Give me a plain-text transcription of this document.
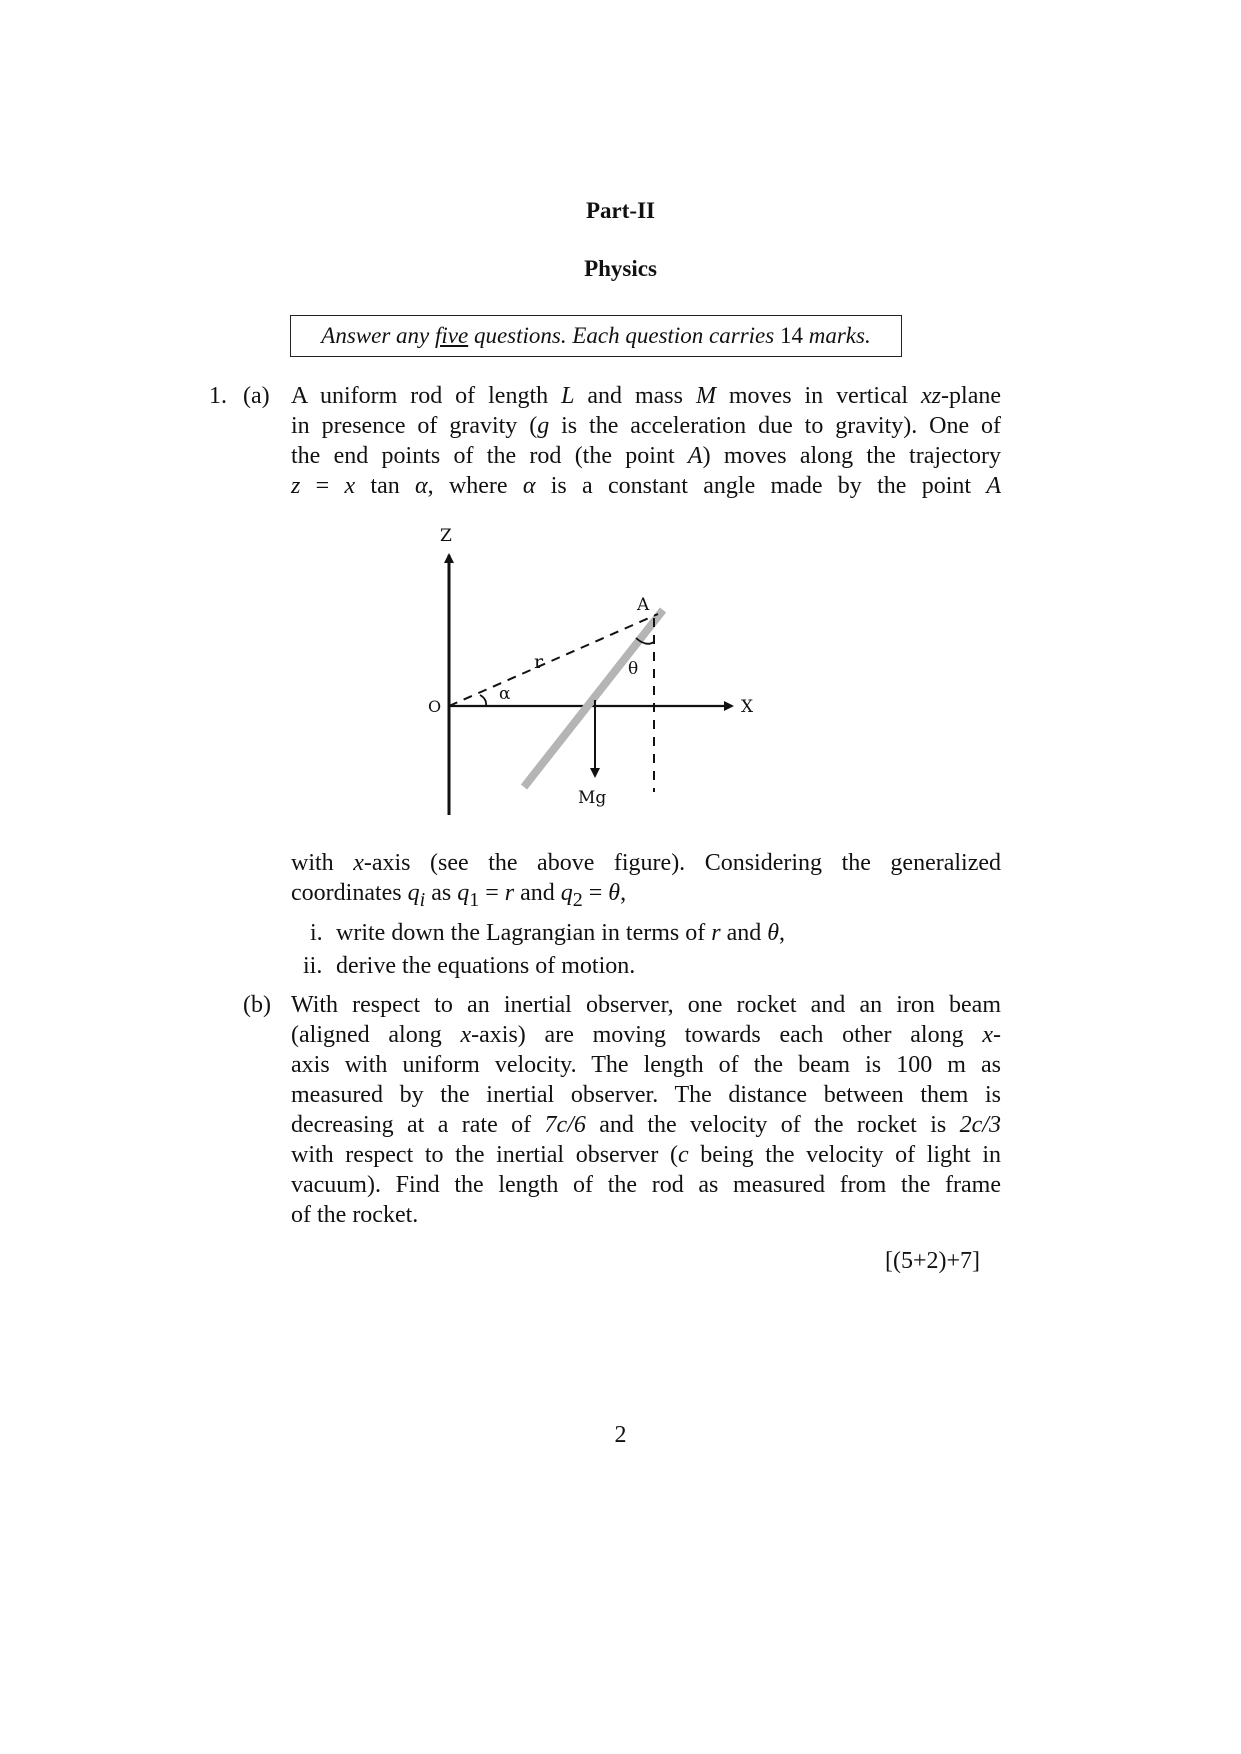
Part-II
Physics
Answer any five questions. Each question carries 14 marks.
1. (a) A uniform rod of length L and mass M moves in vertical xz-plane
in presence of gravity (g is the acceleration due to gravity). One of
the end points of the rod (the point A) moves along the trajectory
z = x tan α, where α is a constant angle made by the point A
Z
X
O
A
r
α
θ
Mg
with x-axis (see the above figure). Considering the generalized
coordinates $q_i$ as $q_1 = r$ and $q_2 = \theta$,
i. write down the Lagrangian in terms of r and θ,
ii. derive the equations of motion.
(b) With respect to an inertial observer, one rocket and an iron beam
(aligned along x-axis) are moving towards each other along x-
axis with uniform velocity. The length of the beam is 100 m as
measured by the inertial observer. The distance between them is
decreasing at a rate of 7c/6 and the velocity of the rocket is 2c/3
with respect to the inertial observer (c being the velocity of light in
vacuum). Find the length of the rod as measured from the frame
of the rocket.
[(5+2)+7]
2
